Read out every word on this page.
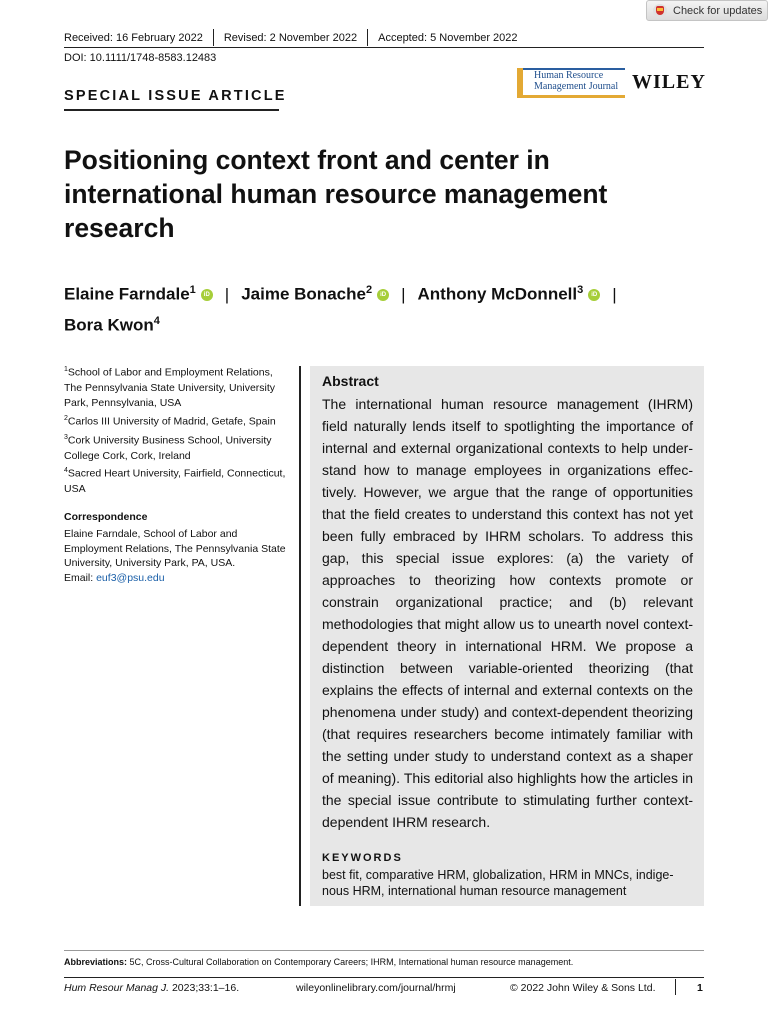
Check for updates
Received: 16 February 2022 Revised: 2 November 2022 Accepted: 5 November 2022
DOI: 10.1111/1748-8583.12483
SPECIAL ISSUE ARTICLE
Human Resource
Management Journal WILEY
Positioning context front and center in international human resource management research
Elaine Farndale$^1$ iD | Jaime Bonache$^2$ iD | Anthony McDonnell$^3$ iD |
Bora Kwon$^4$
$^1$School of Labor and Employment Relations, The Pennsylvania State University, University Park, Pennsylvania, USA
$^2$Carlos III University of Madrid, Getafe, Spain
$^3$Cork University Business School, University College Cork, Cork, Ireland
$^4$Sacred Heart University, Fairfield, Connecticut, USA
Correspondence
Elaine Farndale, School of Labor and Employment Relations, The Pennsylvania State University, University Park, PA, USA.
Email: euf3@psu.edu
Abstract
The international human resource management (IHRM) field naturally lends itself to spotlighting the importance of internal and external organizational contexts to help understand how to manage employees in organizations effectively. However, we argue that the range of opportunities that the field creates to understand this context has not yet been fully embraced by IHRM scholars. To address this gap, this special issue explores: (a) the variety of approaches to theorizing how contexts promote or constrain organizational practice; and (b) relevant methodologies that might allow us to unearth novel context-dependent theory in international HRM. We propose a distinction between variable-oriented theorizing (that explains the effects of internal and external contexts on the phenomena under study) and context-dependent theorizing (that requires researchers become intimately familiar with the setting under study to understand context as a shaper of meaning). This editorial also highlights how the articles in the special issue contribute to stimulating further context-dependent IHRM research.
KEYWORDS
best fit, comparative HRM, globalization, HRM in MNCs, indigenous HRM, international human resource management
Abbreviations: 5C, Cross-Cultural Collaboration on Contemporary Careers; IHRM, International human resource management.
Hum Resour Manag J. 2023;33:1–16.	wileyonlinelibrary.com/journal/hrmj	© 2022 John Wiley & Sons Ltd.	1
